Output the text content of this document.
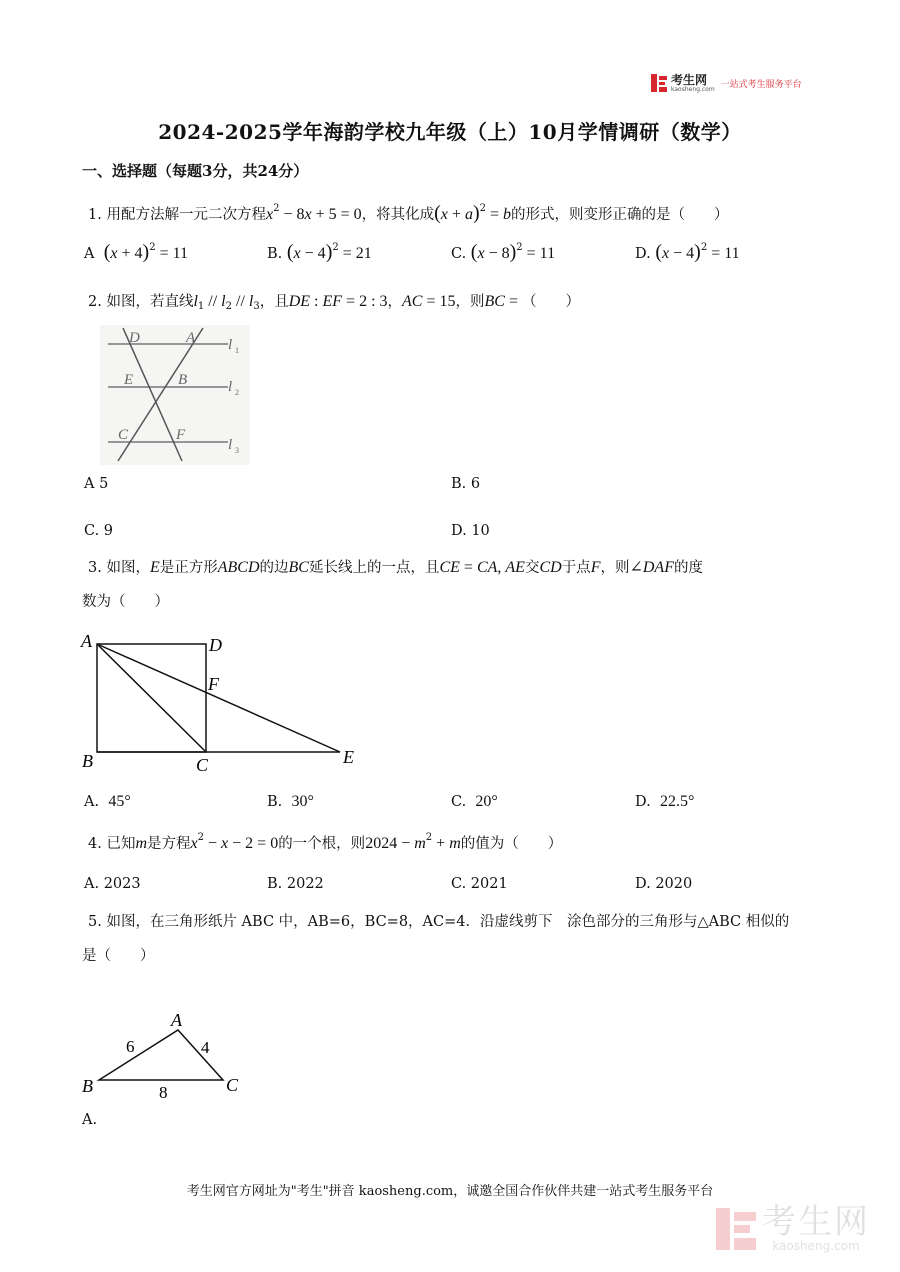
考生网
kaosheng.com 一站式考生服务平台
2024-2025学年海韵学校九年级（上）10月学情调研（数学）
一、选择题（每题3分，共24分）
1. 用配方法解一元二次方程$x^2 - 8x + 5 = 0$，将其化成$(x + a)^2 = b$的形式，则变形正确的是（　　）
A $(x + 4)^2 = 11$	B. $(x - 4)^2 = 21$	C. $(x - 8)^2 = 11$	D. $(x - 4)^2 = 11$
2. 如图，若直线$l_1 // l_2 // l_3$，且DE : EF = 2 : 3，AC = 15，则BC = （　　）
D	A l 1
E	B	l 2
C	F
l 3
A 5	B. 6
C. 9	D. 10
3. 如图，E是正方形ABCD的边BC延长线上的一点，且CE = CA, AE交CD于点F，则∠DAF的度
数为（　　）
A	D
F
B	C	E
A. 45°	B. 30°	C. 20°	D. 22.5°
4. 已知m是方程$x^2 - x - 2 = 0$的一个根，则$2024 - m^2 + m$的值为（　　）
A. 2023	B. 2022	C. 2021	D. 2020
5. 如图，在三角形纸片 ABC 中，AB=6，BC=8，AC=4．沿虚线剪下　涂色部分的三角形与△ABC 相似的
是（　　）
A
6	4
B	8	C
A.
考生网官方网址为"考生"拼音 kaosheng.com，诚邀全国合作伙伴共建一站式考生服务平台
考生网
kaosheng.com
